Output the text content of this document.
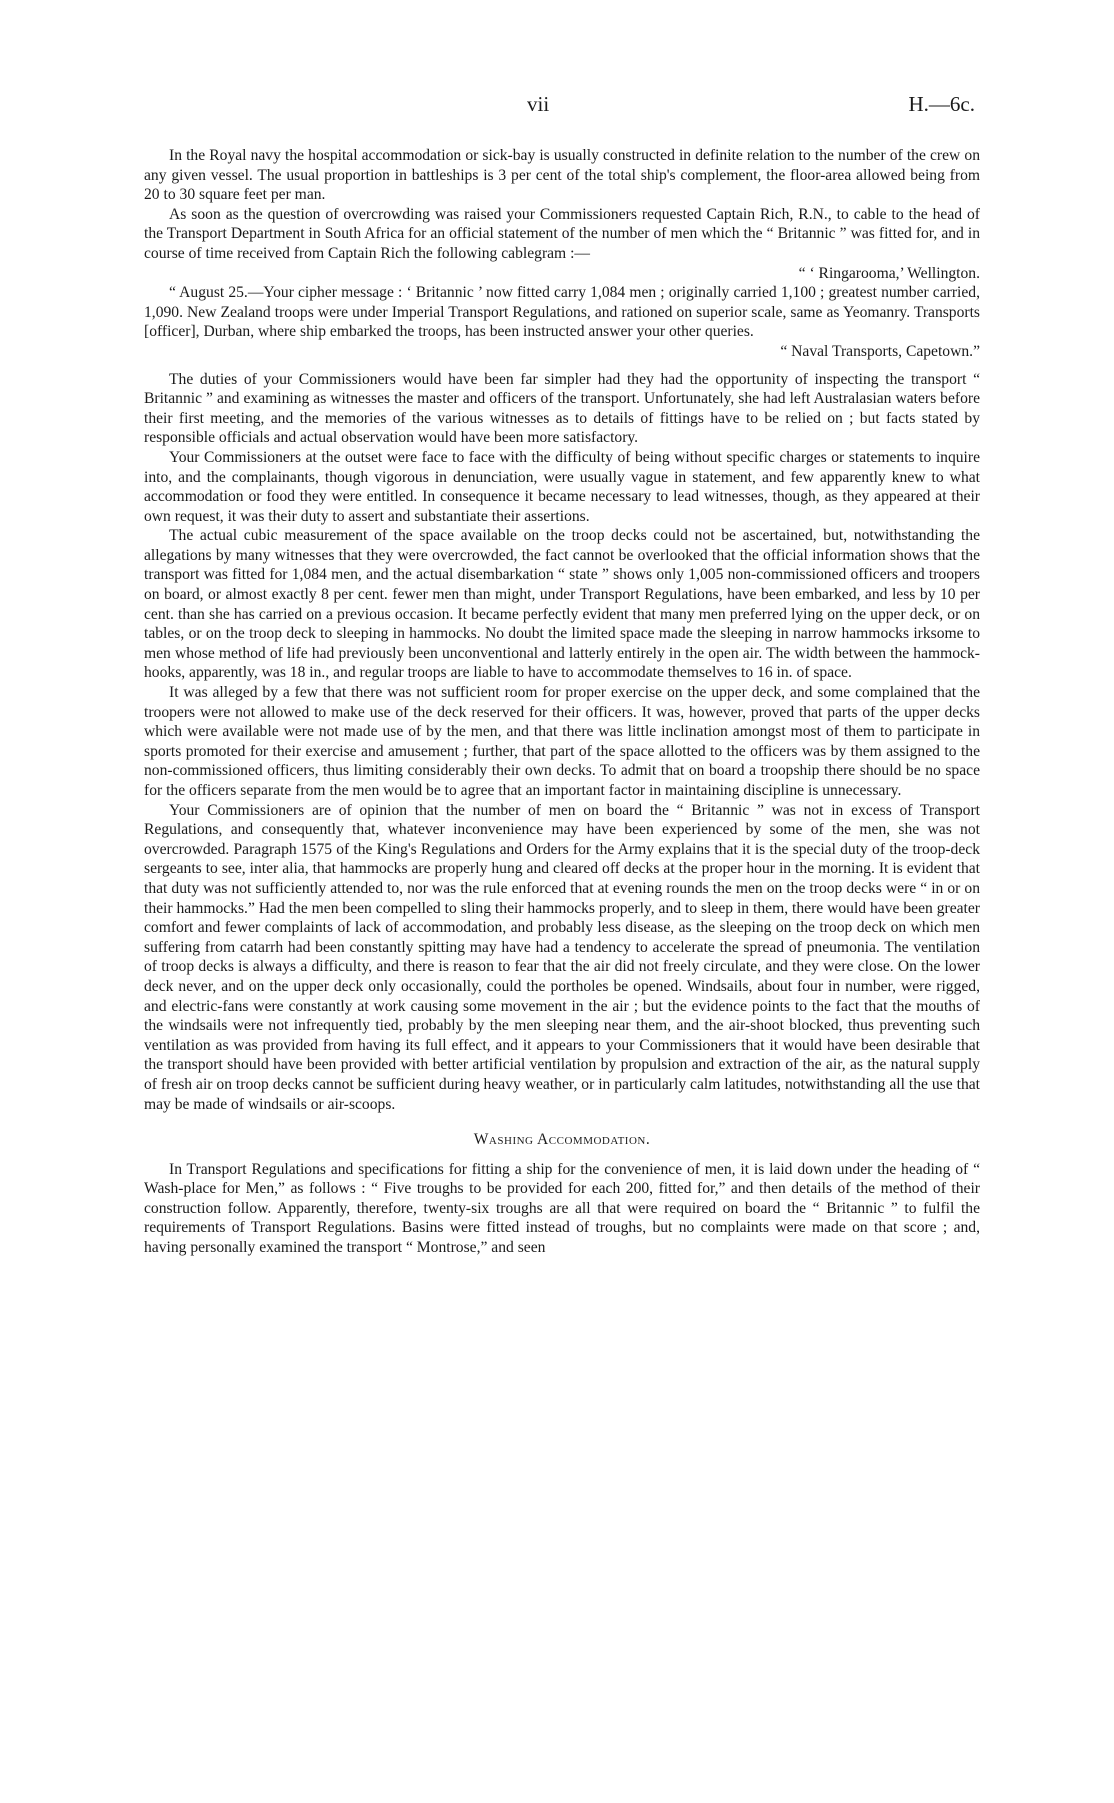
vii	H.—6c.

In the Royal navy the hospital accommodation or sick-bay is usually constructed in definite relation to the number of the crew on any given vessel. The usual proportion in battleships is 3 per cent of the total ship's complement, the floor-area allowed being from 20 to 30 square feet per man.

As soon as the question of overcrowding was raised your Commissioners requested Captain Rich, R.N., to cable to the head of the Transport Department in South Africa for an official statement of the number of men which the “ Britannic ” was fitted for, and in course of time received from Captain Rich the following cablegram :—

“ ‘ Ringarooma,’ Wellington.

“ August 25.—Your cipher message : ‘ Britannic ’ now fitted carry 1,084 men ; originally carried 1,100 ; greatest number carried, 1,090. New Zealand troops were under Imperial Transport Regulations, and rationed on superior scale, same as Yeomanry. Transports [officer], Durban, where ship embarked the troops, has been instructed answer your other queries.

“ Naval Transports, Capetown.”

The duties of your Commissioners would have been far simpler had they had the opportunity of inspecting the transport “ Britannic ” and examining as witnesses the master and officers of the transport. Unfortunately, she had left Australasian waters before their first meeting, and the memories of the various witnesses as to details of fittings have to be relied on ; but facts stated by responsible officials and actual observation would have been more satisfactory.

Your Commissioners at the outset were face to face with the difficulty of being without specific charges or statements to inquire into, and the complainants, though vigorous in denunciation, were usually vague in statement, and few apparently knew to what accommodation or food they were entitled. In consequence it became necessary to lead witnesses, though, as they appeared at their own request, it was their duty to assert and substantiate their assertions.

The actual cubic measurement of the space available on the troop decks could not be ascertained, but, notwithstanding the allegations by many witnesses that they were overcrowded, the fact cannot be overlooked that the official information shows that the transport was fitted for 1,084 men, and the actual disembarkation “ state ” shows only 1,005 non-commissioned officers and troopers on board, or almost exactly 8 per cent. fewer men than might, under Transport Regulations, have been embarked, and less by 10 per cent. than she has carried on a previous occasion. It became perfectly evident that many men preferred lying on the upper deck, or on tables, or on the troop deck to sleeping in hammocks. No doubt the limited space made the sleeping in narrow hammocks irksome to men whose method of life had previously been unconventional and latterly entirely in the open air. The width between the hammock-hooks, apparently, was 18 in., and regular troops are liable to have to accommodate themselves to 16 in. of space.

It was alleged by a few that there was not sufficient room for proper exercise on the upper deck, and some complained that the troopers were not allowed to make use of the deck reserved for their officers. It was, however, proved that parts of the upper decks which were available were not made use of by the men, and that there was little inclination amongst most of them to participate in sports promoted for their exercise and amusement ; further, that part of the space allotted to the officers was by them assigned to the non-commissioned officers, thus limiting considerably their own decks. To admit that on board a troopship there should be no space for the officers separate from the men would be to agree that an important factor in maintaining discipline is unnecessary.

Your Commissioners are of opinion that the number of men on board the “ Britannic ” was not in excess of Transport Regulations, and consequently that, whatever inconvenience may have been experienced by some of the men, she was not overcrowded. Paragraph 1575 of the King's Regulations and Orders for the Army explains that it is the special duty of the troop-deck sergeants to see, inter alia, that hammocks are properly hung and cleared off decks at the proper hour in the morning. It is evident that that duty was not sufficiently attended to, nor was the rule enforced that at evening rounds the men on the troop decks were “ in or on their hammocks.” Had the men been compelled to sling their hammocks properly, and to sleep in them, there would have been greater comfort and fewer complaints of lack of accommodation, and probably less disease, as the sleeping on the troop deck on which men suffering from catarrh had been constantly spitting may have had a tendency to accelerate the spread of pneumonia. The ventilation of troop decks is always a difficulty, and there is reason to fear that the air did not freely circulate, and they were close. On the lower deck never, and on the upper deck only occasionally, could the portholes be opened. Windsails, about four in number, were rigged, and electric-fans were constantly at work causing some movement in the air ; but the evidence points to the fact that the mouths of the windsails were not infrequently tied, probably by the men sleeping near them, and the air-shoot blocked, thus preventing such ventilation as was provided from having its full effect, and it appears to your Commissioners that it would have been desirable that the transport should have been provided with better artificial ventilation by propulsion and extraction of the air, as the natural supply of fresh air on troop decks cannot be sufficient during heavy weather, or in particularly calm latitudes, notwithstanding all the use that may be made of windsails or air-scoops.

Washing Accommodation.

In Transport Regulations and specifications for fitting a ship for the convenience of men, it is laid down under the heading of “ Wash-place for Men,” as follows : “ Five troughs to be provided for each 200, fitted for,” and then details of the method of their construction follow. Apparently, therefore, twenty-six troughs are all that were required on board the “ Britannic ” to fulfil the requirements of Transport Regulations. Basins were fitted instead of troughs, but no complaints were made on that score ; and, having personally examined the transport “ Montrose,” and seen
